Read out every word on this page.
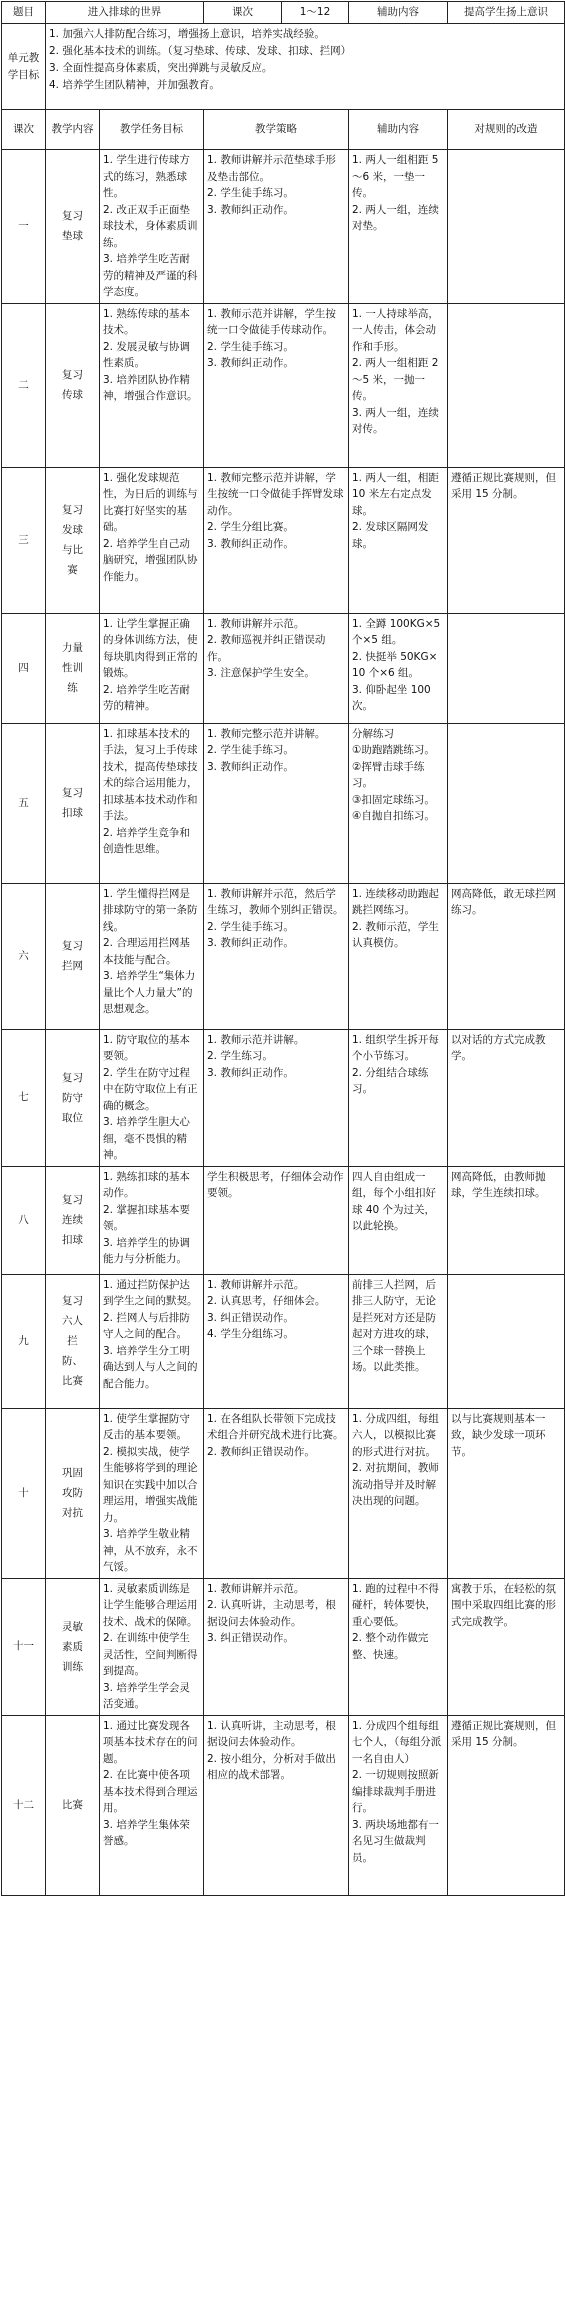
题目	进入排球的世界		课次	1～12	辅助内容	提高学生扬上意识
单元教学目标	1. 加强六人排防配合练习，增强扬上意识，培养实战经验。
2. 强化基本技术的训练。（复习垫球、传球、发球、扣球、拦网）
3. 全面性提高身体素质，突出弹跳与灵敏反应。
4. 培养学生团队精神，并加强教育。					

课次	教学内容	教学任务目标	教学策略		辅助内容	对规则的改造
一	复习垫球	1. 学生进行传球方式的练习，熟悉球性。
2. 改正双手正面垫球技术，身体素质训练。
3. 培养学生吃苦耐劳的精神及严谨的科学态度。	1. 教师讲解并示范垫球手形及垫击部位。
2. 学生徒手练习。
3. 教师纠正动作。		1. 两人一组相距 5～6 米，一垫一传。
2. 两人一组，连续对垫。	
二	复习传球	1. 熟练传球的基本技术。
2. 发展灵敏与协调性素质。
3. 培养团队协作精神，增强合作意识。	1. 教师示范并讲解，学生按统一口令做徒手传球动作。
2. 学生徒手练习。
3. 教师纠正动作。		1. 一人持球举高，一人传击，体会动作和手形。
2. 两人一组相距 2～5 米，一抛一传。
3. 两人一组，连续对传。	
三	复习发球与比赛	1. 强化发球规范性，为日后的训练与比赛打好坚实的基础。
2. 培养学生自己动脑研究，增强团队协作能力。	1. 教师完整示范并讲解，学生按统一口令做徒手挥臂发球动作。
2. 学生分组比赛。
3. 教师纠正动作。		1. 两人一组，相距 10 米左右定点发球。
2. 发球区隔网发球。	遵循正规比赛规则，但采用 15 分制。
四	力量性训练	1. 让学生掌握正确的身体训练方法，使每块肌肉得到正常的锻炼。
2. 培养学生吃苦耐劳的精神。	1. 教师讲解并示范。
2. 教师巡视并纠正错误动作。
3. 注意保护学生安全。		1. 全蹲 100KG×5 个×5 组。
2. 快挺举 50KG×10 个×6 组。
3. 仰卧起坐 100 次。	
五	复习扣球	1. 扣球基本技术的手法，复习上手传球技术，提高传垫球技术的综合运用能力，扣球基本技术动作和手法。
2. 培养学生竞争和创造性思维。	1. 教师完整示范并讲解。
2. 学生徒手练习。
3. 教师纠正动作。		分解练习
①助跑踏跳练习。
②挥臂击球手练习。
③扣固定球练习。
④自抛自扣练习。	
六	复习拦网	1. 学生懂得拦网是排球防守的第一条防线。
2. 合理运用拦网基本技能与配合。
3. 培养学生“集体力量比个人力量大”的思想观念。	1. 教师讲解并示范，然后学生练习，教师个别纠正错误。
2. 学生徒手练习。
3. 教师纠正动作。		1. 连续移动助跑起跳拦网练习。
2. 教师示范，学生认真模仿。	网高降低，敢无球拦网练习。
七	复习防守取位	1. 防守取位的基本要领。
2. 学生在防守过程中在防守取位上有正确的概念。
3. 培养学生胆大心细，毫不畏惧的精神。	1. 教师示范并讲解。
2. 学生练习。
3. 教师纠正动作。		1. 组织学生拆开每个小节练习。
2. 分组结合球练习。	以对话的方式完成教学。
八	复习连续扣球	1. 熟练扣球的基本动作。
2. 掌握扣球基本要领。
3. 培养学生的协调能力与分析能力。	学生积极思考，仔细体会动作要领。		四人自由组成一组，每个小组扣好球 40 个为过关，以此轮换。	网高降低，由教师抛球，学生连续扣球。
九	复习六人拦防、比赛	1. 通过拦防保护达到学生之间的默契。
2. 拦网人与后排防守人之间的配合。
3. 培养学生分工明确达到人与人之间的配合能力。	1. 教师讲解并示范。
2. 认真思考，仔细体会。
3. 纠正错误动作。
4. 学生分组练习。		前排三人拦网，后排三人防守，无论是拦死对方还是防起对方进攻的球，三个球一替换上场。以此类推。	
十	巩固攻防对抗	1. 使学生掌握防守反击的基本要领。
2. 模拟实战，使学生能够将学到的理论知识在实践中加以合理运用，增强实战能力。
3. 培养学生敬业精神，从不放弃，永不气馁。	1. 在各组队长带领下完成技术组合并研究战术进行比赛。
2. 教师纠正错误动作。		1. 分成四组，每组六人，以模拟比赛的形式进行对抗。
2. 对抗期间，教师流动指导并及时解决出现的问题。	以与比赛规则基本一致，缺少发球一项环节。
十一	灵敏素质训练	1. 灵敏素质训练是让学生能够合理运用技术、战术的保障。
2. 在训练中使学生灵活性，空间判断得到提高。
3. 培养学生学会灵活变通。	1. 教师讲解并示范。
2. 认真听讲，主动思考，根据设问去体验动作。
3. 纠正错误动作。		1. 跑的过程中不得碰杆，转体要快，重心要低。
2. 整个动作做完整、快速。	寓教于乐，在轻松的氛围中采取四组比赛的形式完成教学。
十二	比赛	1. 通过比赛发现各项基本技术存在的问题。
2. 在比赛中使各项基本技术得到合理运用。
3. 培养学生集体荣誉感。	1. 认真听讲，主动思考，根据设问去体验动作。
2. 按小组分，分析对手做出相应的战术部署。		1. 分成四个组每组七个人，（每组分派一名自由人）
2. 一切规则按照新编排球裁判手册进行。
3. 两块场地都有一名见习生做裁判员。	遵循正规比赛规则，但采用 15 分制。
